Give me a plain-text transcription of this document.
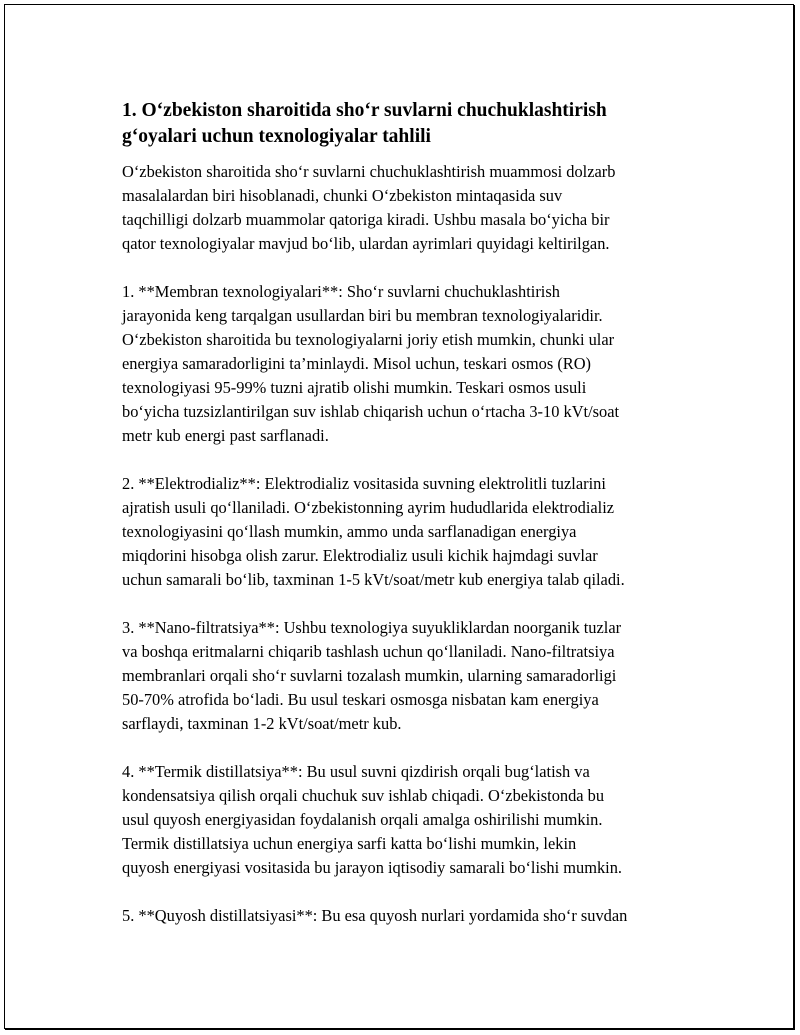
1. O‘zbekiston sharoitida sho‘r suvlarni chuchuklashtirish
g‘oyalari uchun texnologiyalar tahlili

O‘zbekiston sharoitida sho‘r suvlarni chuchuklashtirish muammosi dolzarb
masalalardan biri hisoblanadi, chunki O‘zbekiston mintaqasida suv
taqchilligi dolzarb muammolar qatoriga kiradi. Ushbu masala bo‘yicha bir
qator texnologiyalar mavjud bo‘lib, ulardan ayrimlari quyidagi keltirilgan.

1. **Membran texnologiyalari**: Sho‘r suvlarni chuchuklashtirish
jarayonida keng tarqalgan usullardan biri bu membran texnologiyalaridir.
O‘zbekiston sharoitida bu texnologiyalarni joriy etish mumkin, chunki ular
energiya samaradorligini ta’minlaydi. Misol uchun, teskari osmos (RO)
texnologiyasi 95-99% tuzni ajratib olishi mumkin. Teskari osmos usuli
bo‘yicha tuzsizlantirilgan suv ishlab chiqarish uchun o‘rtacha 3-10 kVt/soat
metr kub energi past sarflanadi.

2. **Elektrodializ**: Elektrodializ vositasida suvning elektrolitli tuzlarini
ajratish usuli qo‘llaniladi. O‘zbekistonning ayrim hududlarida elektrodializ
texnologiyasini qo‘llash mumkin, ammo unda sarflanadigan energiya
miqdorini hisobga olish zarur. Elektrodializ usuli kichik hajmdagi suvlar
uchun samarali bo‘lib, taxminan 1-5 kVt/soat/metr kub energiya talab qiladi.

3. **Nano-filtratsiya**: Ushbu texnologiya suyukliklardan noorganik tuzlar
va boshqa eritmalarni chiqarib tashlash uchun qo‘llaniladi. Nano-filtratsiya
membranlari orqali sho‘r suvlarni tozalash mumkin, ularning samaradorligi
50-70% atrofida bo‘ladi. Bu usul teskari osmosga nisbatan kam energiya
sarflaydi, taxminan 1-2 kVt/soat/metr kub.

4. **Termik distillatsiya**: Bu usul suvni qizdirish orqali bug‘latish va
kondensatsiya qilish orqali chuchuk suv ishlab chiqadi. O‘zbekistonda bu
usul quyosh energiyasidan foydalanish orqali amalga oshirilishi mumkin.
Termik distillatsiya uchun energiya sarfi katta bo‘lishi mumkin, lekin
quyosh energiyasi vositasida bu jarayon iqtisodiy samarali bo‘lishi mumkin.

5. **Quyosh distillatsiyasi**: Bu esa quyosh nurlari yordamida sho‘r suvdan
